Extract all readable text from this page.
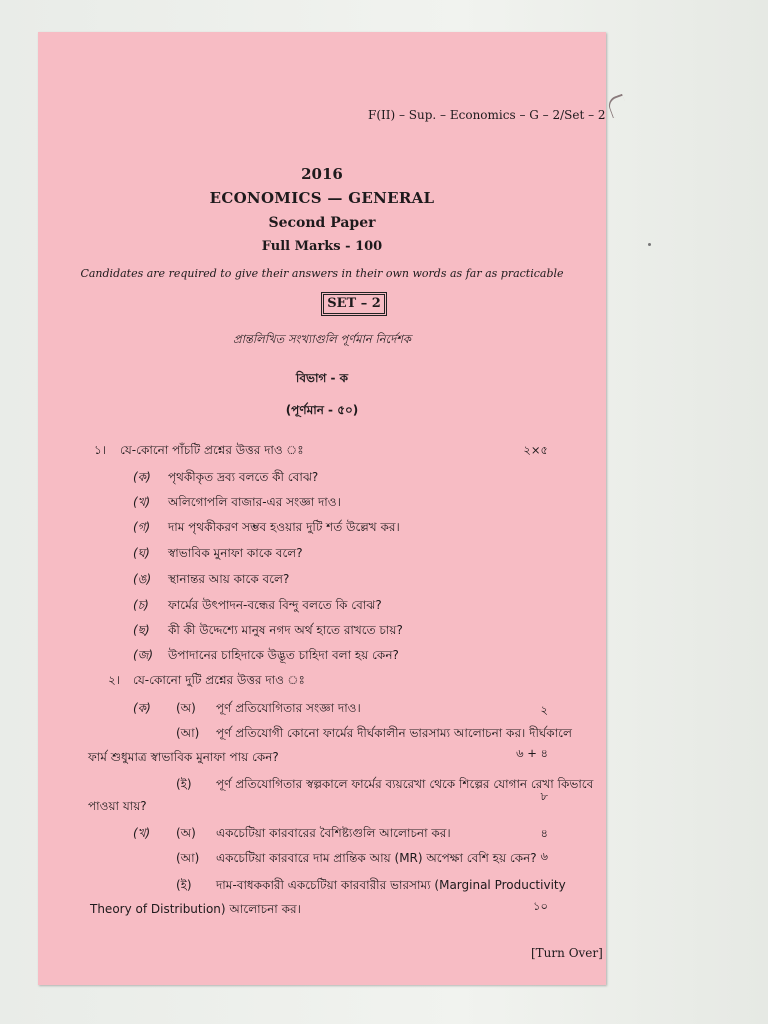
F(II) – Sup. – Economics – G – 2/Set – 2
2016
ECONOMICS — GENERAL
Second Paper
Full Marks - 100
Candidates are required to give their answers in their own words as far as practicable
SET – 2
প্রান্তলিখিত সংখ্যাগুলি পূর্ণমান নির্দেশক
বিভাগ - ক
(পূর্ণমান - ৫০)
১। যে-কোনো পাঁচটি প্রশ্নের উত্তর দাও ঃ	২×৫
(ক) পৃথকীকৃত দ্রব্য বলতে কী বোঝ?
(খ) অলিগোপলি বাজার-এর সংজ্ঞা দাও।
(গ) দাম পৃথকীকরণ সম্ভব হওয়ার দুটি শর্ত উল্লেখ কর।
(ঘ) স্বাভাবিক মুনাফা কাকে বলে?
(ঙ) স্থানান্তর আয় কাকে বলে?
(চ) ফার্মের উৎপাদন-বন্ধের বিন্দু বলতে কি বোঝ?
(ছ) কী কী উদ্দেশ্যে মানুষ নগদ অর্থ হাতে রাখতে চায়?
(জ) উপাদানের চাহিদাকে উদ্ভূত চাহিদা বলা হয় কেন?
২। যে-কোনো দুটি প্রশ্নের উত্তর দাও ঃ
(ক) (অ) পূর্ণ প্রতিযোগিতার সংজ্ঞা দাও।	২
(আ) পূর্ণ প্রতিযোগী কোনো ফার্মের দীর্ঘকালীন ভারসাম্য আলোচনা কর। দীর্ঘকালে
ফার্ম শুধুমাত্র স্বাভাবিক মুনাফা পায় কেন?	৬ + ৪
(ই) পূর্ণ প্রতিযোগিতার স্বল্পকালে ফার্মের ব্যয়রেখা থেকে শিল্পের যোগান রেখা কিভাবে
৮
পাওয়া যায়?
(খ) (অ) একচেটিয়া কারবারের বৈশিষ্ট্যগুলি আলোচনা কর।	৪
(আ) একচেটিয়া কারবারে দাম প্রান্তিক আয় (MR) অপেক্ষা বেশি হয় কেন? ৬
(ই) দাম-বাধককারী একচেটিয়া কারবারীর ভারসাম্য (Marginal Productivity
Theory of Distribution) আলোচনা কর।	১০
[Turn Over]
